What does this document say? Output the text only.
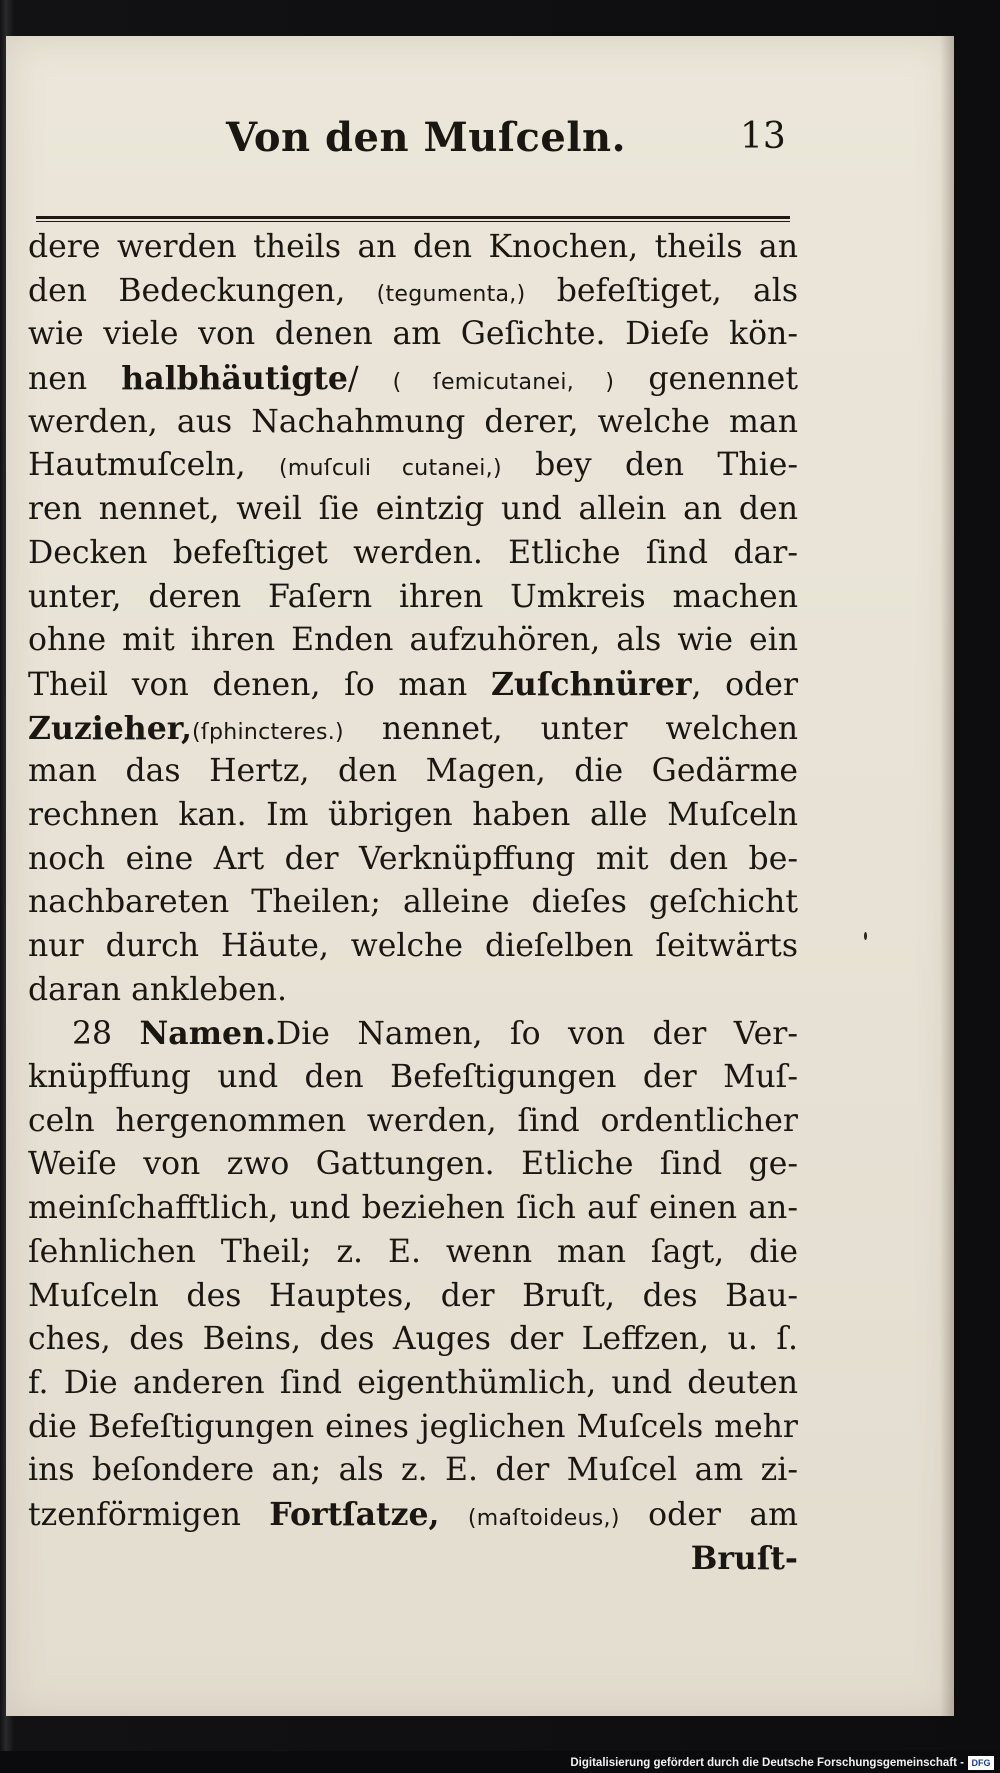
Von den Muſceln.	13
dere werden theils an den Knochen, theils an
den Bedeckungen, (tegumenta,) befeſtiget, als
wie viele von denen am Geſichte. Dieſe kön-
nen halbhäutigte/ ( ſemicutanei, ) genennet
werden, aus Nachahmung derer, welche man
Hautmuſceln, (muſculi cutanei,) bey den Thie-
ren nennet, weil ſie eintzig und allein an den
Decken befeſtiget werden. Etliche ſind dar-
unter, deren Faſern ihren Umkreis machen
ohne mit ihren Enden aufzuhören, als wie ein
Theil von denen, ſo man Zuſchnürer, oder
Zuzieher,(ſphincteres.) nennet, unter welchen
man das Hertz, den Magen, die Gedärme
rechnen kan. Im übrigen haben alle Muſceln
noch eine Art der Verknüpffung mit den be-
nachbareten Theilen; alleine dieſes geſchicht
nur durch Häute, welche dieſelben ſeitwärts
daran ankleben.
28 Namen.Die Namen, ſo von der Ver-
knüpffung und den Befeſtigungen der Muſ-
celn hergenommen werden, ſind ordentlicher
Weiſe von zwo Gattungen. Etliche ſind ge-
meinſchafftlich, und beziehen ſich auf einen an-
ſehnlichen Theil; z. E. wenn man ſagt, die
Muſceln des Hauptes, der Bruſt, des Bau-
ches, des Beins, des Auges der Leffzen, u. ſ.
f. Die anderen ſind eigenthümlich, und deuten
die Befeſtigungen eines jeglichen Muſcels mehr
ins beſondere an; als z. E. der Muſcel am zi-
tzenförmigen Fortſatze, (maſtoideus,) oder am
Bruſt-
Digitalisierung gefördert durch die Deutsche Forschungsgemeinschaft - DFG
